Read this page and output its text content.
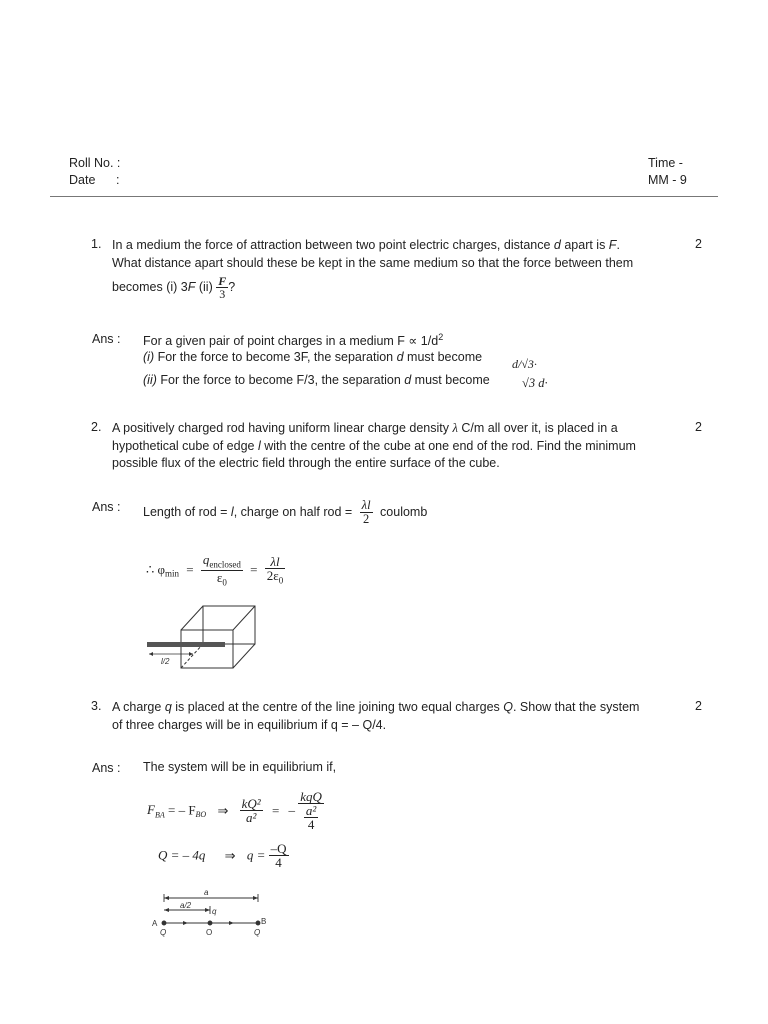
Roll No. :
Date :
Time -
MM - 9
1.	2
In a medium the force of attraction between two point electric charges, distance d apart is F.
What distance apart should these be kept in the same medium so that the force between them
becomes (i) 3F $(ii) \frac{F}{3}$ ?
Ans : For a given pair of point charges in a medium $F \propto 1/d^2$
(i) For the force to become 3F, the separation d must become d/√3·
(ii) For the force to become F/3, the separation d must become	√3 d·
2.	2
A positively charged rod having uniform linear charge density λ C/m all over it, is placed in a
hypothetical cube of edge l with the centre of the cube at one end of the rod. Find the minimum
possible flux of the electric field through the entire surface of the cube.
Ans : Length of rod = l, charge on half rod = $\frac{\lambda l}{2}$ coulomb
∴ $\varphi_{min} = \frac{q_{enclosed}}{\varepsilon_0} = \frac{\lambda l}{2\varepsilon_0}$
l/2
3.	2
A charge q is placed at the centre of the line joining two equal charges Q. Show that the system
of three charges will be in equilibrium if q = – Q/4.
Ans : The system will be in equilibrium if,
$F_{BA}$ = – $F_{BO}$ ⇒ $\frac{\text{kQ²}}{\text{a²}}$ = – $\frac{\text{kqQ}}{\frac{\text{a²}}{4}}$
Q = – 4q ⇒ $q = \frac{-Q}{4}$
a
a/2
q
A	B
Q	O	Q
